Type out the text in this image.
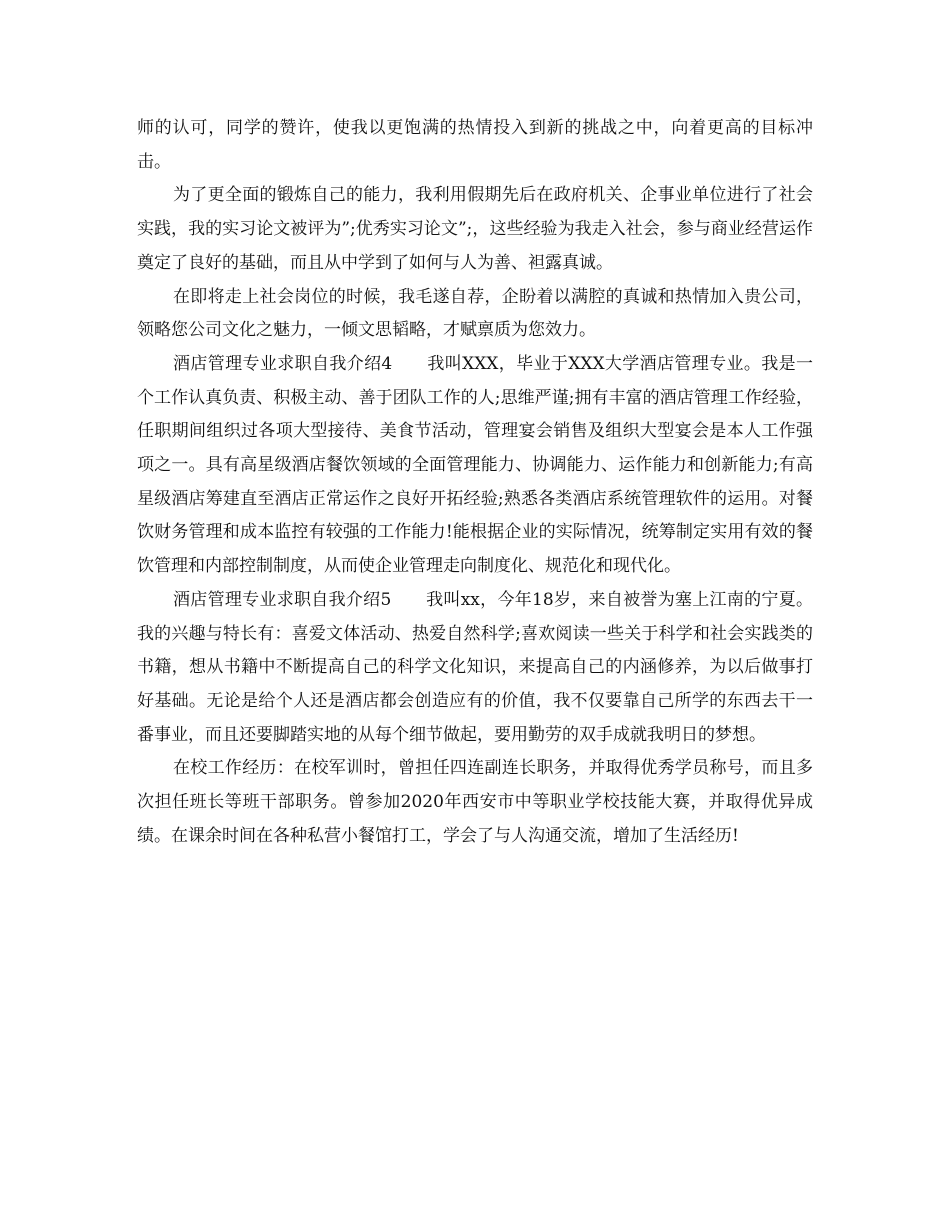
师的认可，同学的赞许，使我以更饱满的热情投入到新的挑战之中，向着更高的目标冲击。

为了更全面的锻炼自己的能力，我利用假期先后在政府机关、企事业单位进行了社会实践，我的实习论文被评为”;优秀实习论文”;，这些经验为我走入社会，参与商业经营运作奠定了良好的基础，而且从中学到了如何与人为善、袒露真诚。

在即将走上社会岗位的时候，我毛遂自荐，企盼着以满腔的真诚和热情加入贵公司，领略您公司文化之魅力，一倾文思韬略，才赋禀质为您效力。

酒店管理专业求职自我介绍4　　我叫XXX，毕业于XXX大学酒店管理专业。我是一个工作认真负责、积极主动、善于团队工作的人;思维严谨;拥有丰富的酒店管理工作经验，任职期间组织过各项大型接待、美食节活动，管理宴会销售及组织大型宴会是本人工作强项之一。具有高星级酒店餐饮领域的全面管理能力、协调能力、运作能力和创新能力;有高星级酒店筹建直至酒店正常运作之良好开拓经验;熟悉各类酒店系统管理软件的运用。对餐饮财务管理和成本监控有较强的工作能力!能根据企业的实际情况，统筹制定实用有效的餐饮管理和内部控制制度，从而使企业管理走向制度化、规范化和现代化。

酒店管理专业求职自我介绍5　　我叫xx，今年18岁，来自被誉为塞上江南的宁夏。我的兴趣与特长有：喜爱文体活动、热爱自然科学;喜欢阅读一些关于科学和社会实践类的书籍，想从书籍中不断提高自己的科学文化知识，来提高自己的内涵修养，为以后做事打好基础。无论是给个人还是酒店都会创造应有的价值，我不仅要靠自己所学的东西去干一番事业，而且还要脚踏实地的从每个细节做起，要用勤劳的双手成就我明日的梦想。

在校工作经历：在校军训时，曾担任四连副连长职务，并取得优秀学员称号，而且多次担任班长等班干部职务。曾参加2020年西安市中等职业学校技能大赛，并取得优异成绩。在课余时间在各种私营小餐馆打工，学会了与人沟通交流，增加了生活经历!
